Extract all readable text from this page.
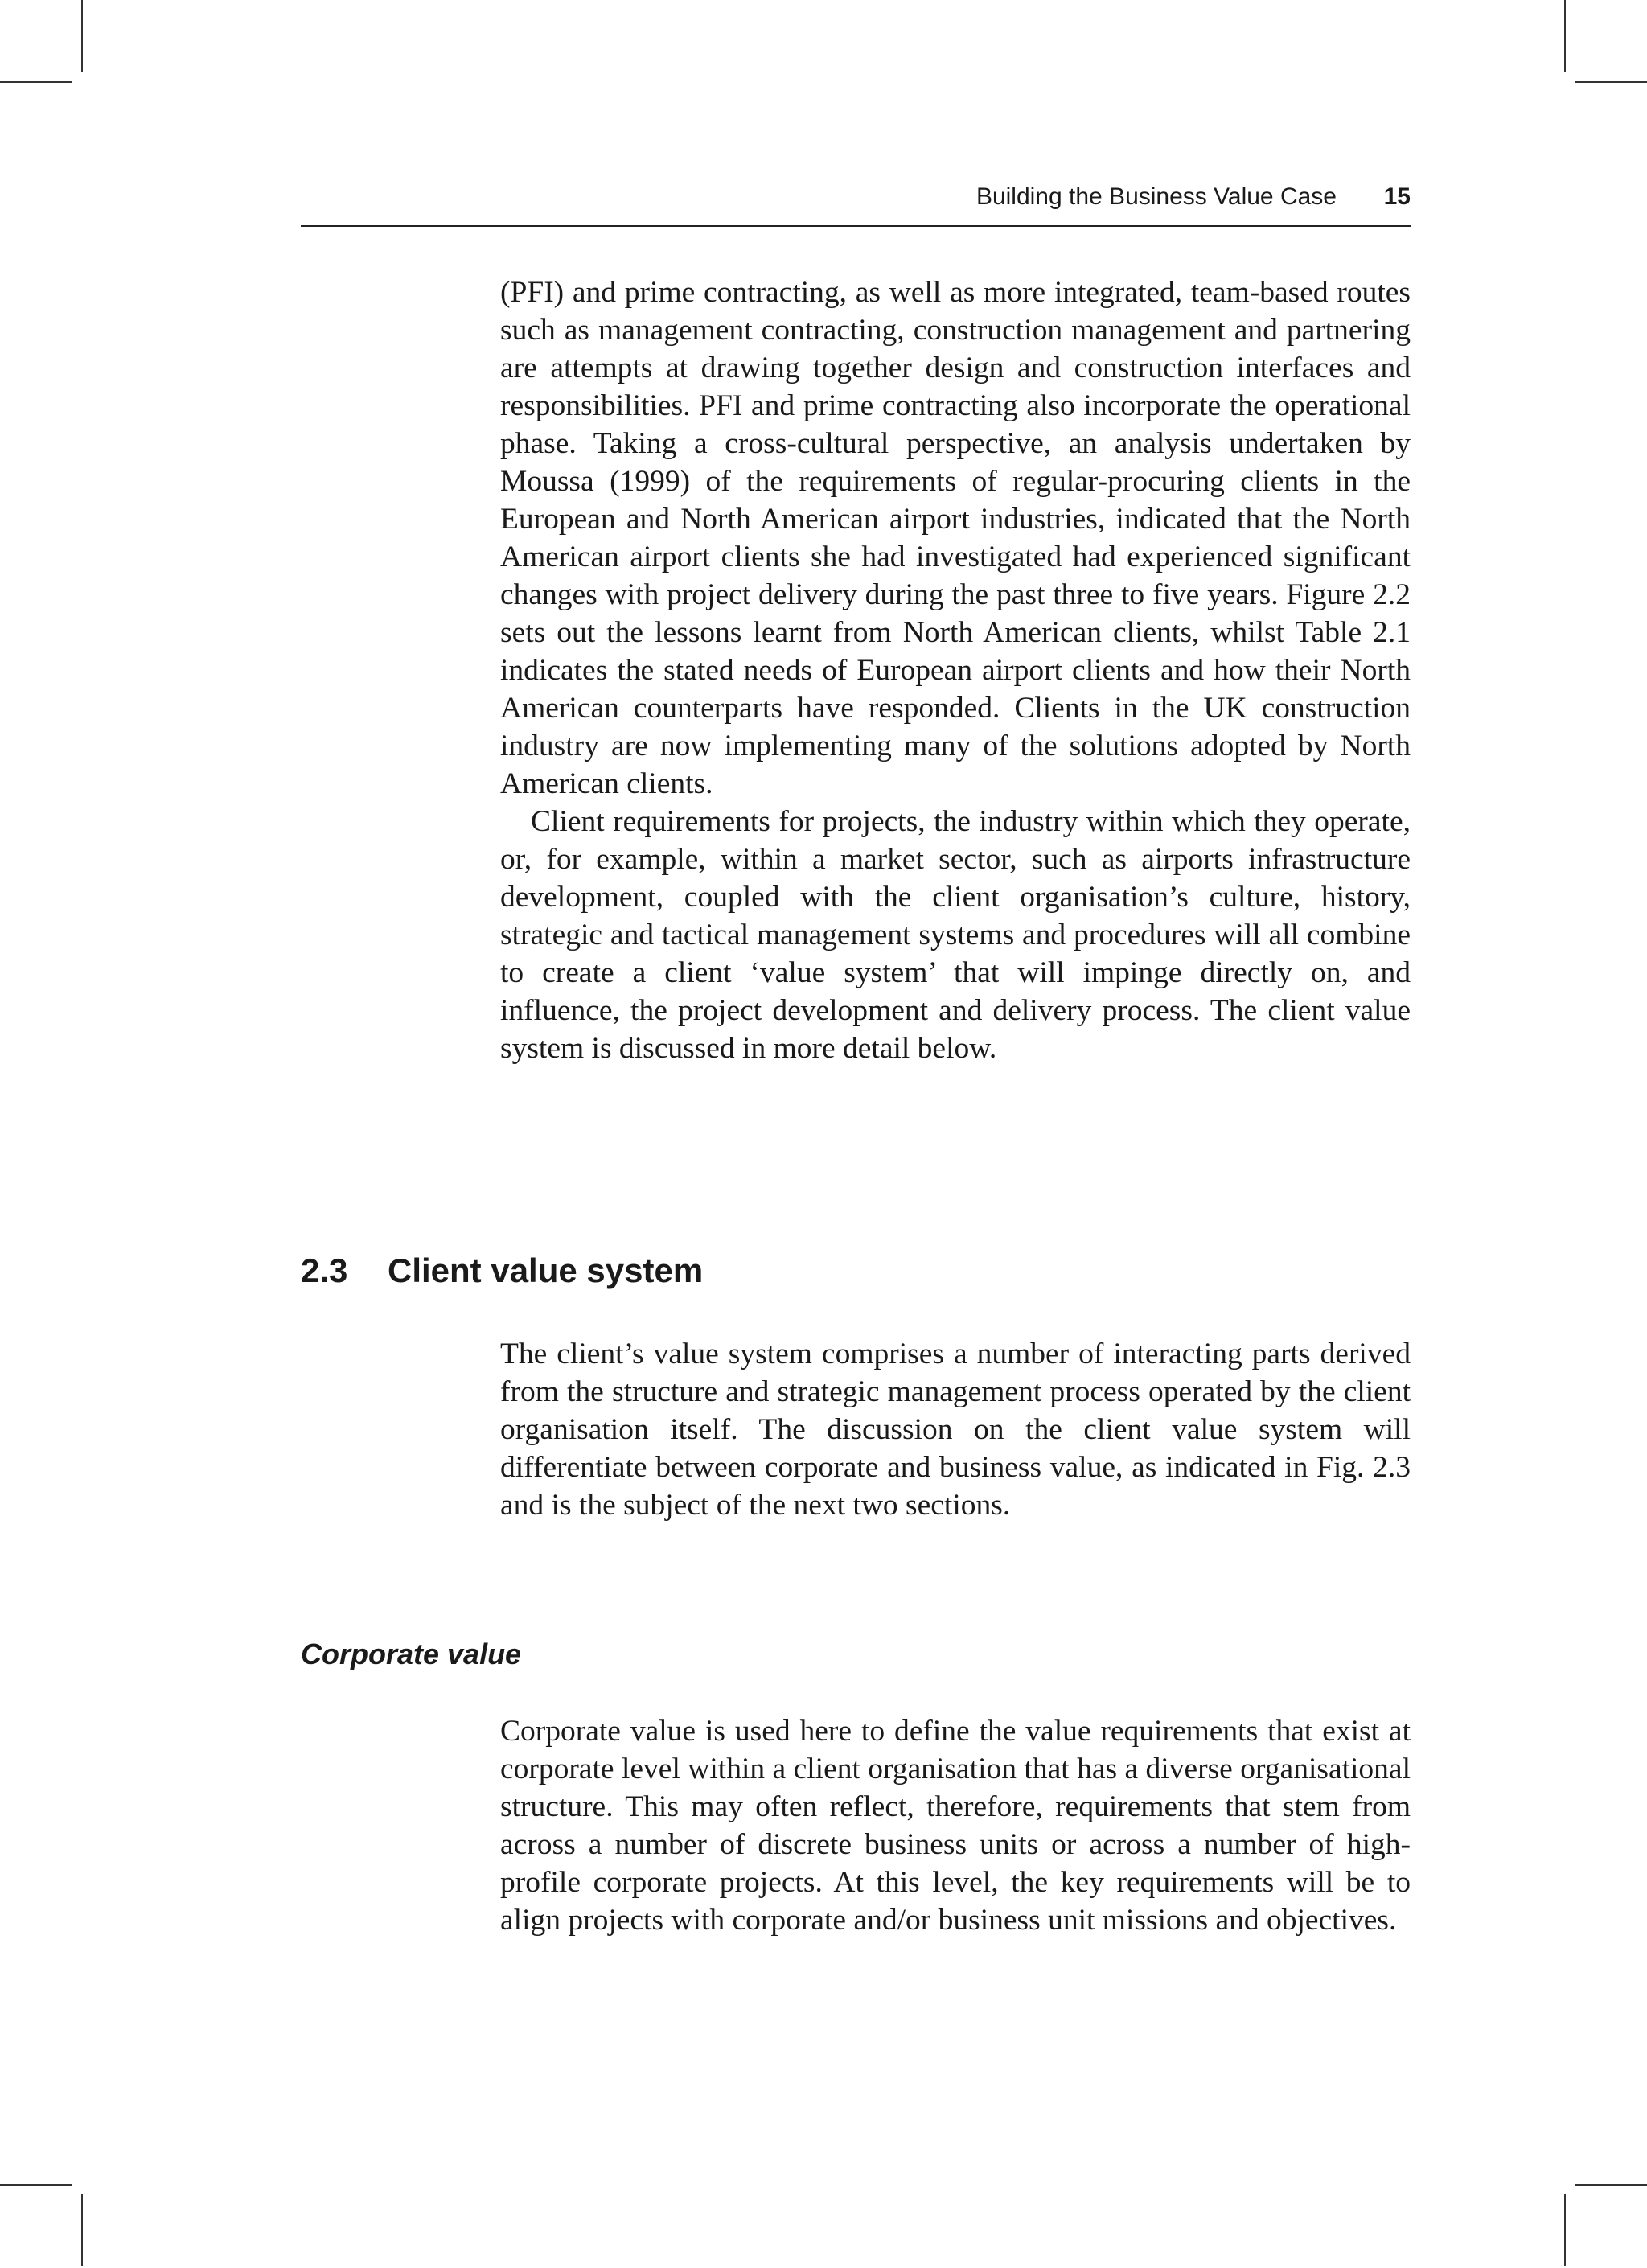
Building the Business Value Case 15

(PFI) and prime contracting, as well as more integrated, team-based routes such as management contracting, construction management and partnering are attempts at drawing together design and construction interfaces and responsibilities. PFI and prime contracting also incorporate the operational phase. Taking a cross-cultural perspective, an analysis undertaken by Moussa (1999) of the requirements of regular-procuring clients in the European and North American airport industries, indicated that the North American airport clients she had investigated had experienced significant changes with project delivery during the past three to five years. Figure 2.2 sets out the lessons learnt from North American clients, whilst Table 2.1 indicates the stated needs of European airport clients and how their North American counterparts have responded. Clients in the UK construction industry are now implementing many of the solutions adopted by North American clients.

Client requirements for projects, the industry within which they operate, or, for example, within a market sector, such as airports infrastructure development, coupled with the client organisation’s culture, history, strategic and tactical management systems and procedures will all combine to create a client ‘value system’ that will impinge directly on, and influence, the project development and delivery process. The client value system is discussed in more detail below.

2.3 Client value system

The client’s value system comprises a number of interacting parts derived from the structure and strategic management process operated by the client organisation itself. The discussion on the client value system will differentiate between corporate and business value, as indicated in Fig. 2.3 and is the subject of the next two sections.

Corporate value

Corporate value is used here to define the value requirements that exist at corporate level within a client organisation that has a diverse organisational structure. This may often reflect, therefore, requirements that stem from across a number of discrete business units or across a number of high-profile corporate projects. At this level, the key requirements will be to align projects with corporate and/or business unit missions and objectives.
